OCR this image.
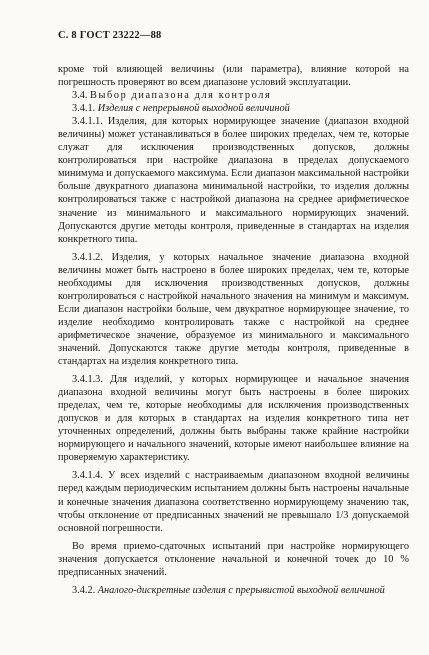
С. 8 ГОСТ 23222—88

кроме той влияющей величины (или параметра), влияние которой на погрешность проверяют во всем диапазоне условий эксплуатации.

3.4. Выбор диапазона для контроля

3.4.1. Изделия с непрерывной выходной величиной

3.4.1.1. Изделия, для которых нормирующее значение (диапазон входной величины) может устанавливаться в более широких пределах, чем те, которые служат для исключения производственных допусков, должны контролироваться при настройке диапазона в пределах допускаемого минимума и допускаемого максимума. Если диапазон максимальной настройки больше двукратного диапазона минимальной настройки, то изделия должны контролироваться также с настройкой диапазона на среднее арифметическое значение из минимального и максимального нормирующих значений. Допускаются другие методы контроля, приведенные в стандартах на изделия конкретного типа.

3.4.1.2. Изделия, у которых начальное значение диапазона входной величины может быть настроено в более широких пределах, чем те, которые необходимы для исключения производственных допусков, должны контролироваться с настройкой начального значения на минимум и максимум. Если диапазон настройки больше, чем двукратное нормирующее значение, то изделие необходимо контролировать также с настройкой на среднее арифметическое значение, образуемое из минимального и максимального значений. Допускаются также другие методы контроля, приведенные в стандартах на изделия конкретного типа.

3.4.1.3. Для изделий, у которых нормирующее и начальное значения диапазона входной величины могут быть настроены в более широких пределах, чем те, которые необходимы для исключения производственных допусков и для которых в стандартах на изделия конкретного типа нет уточненных определений, должны быть выбраны также крайние настройки нормирующего и начального значений, которые имеют наибольшее влияние на проверяемую характеристику.

3.4.1.4. У всех изделий с настраиваемым диапазоном входной величины перед каждым периодическим испытанием должны быть настроены начальные и конечные значения диапазона соответственно нормирующему значению так, чтобы отклонение от предписанных значений не превышало 1/3 допускаемой основной погрешности.

Во время приемо-сдаточных испытаний при настройке нормирующего значения допускается отклонение начальной и конечной точек до 10 % предписанных значений.

3.4.2. Аналого-дискретные изделия с прерывистой выходной величиной
